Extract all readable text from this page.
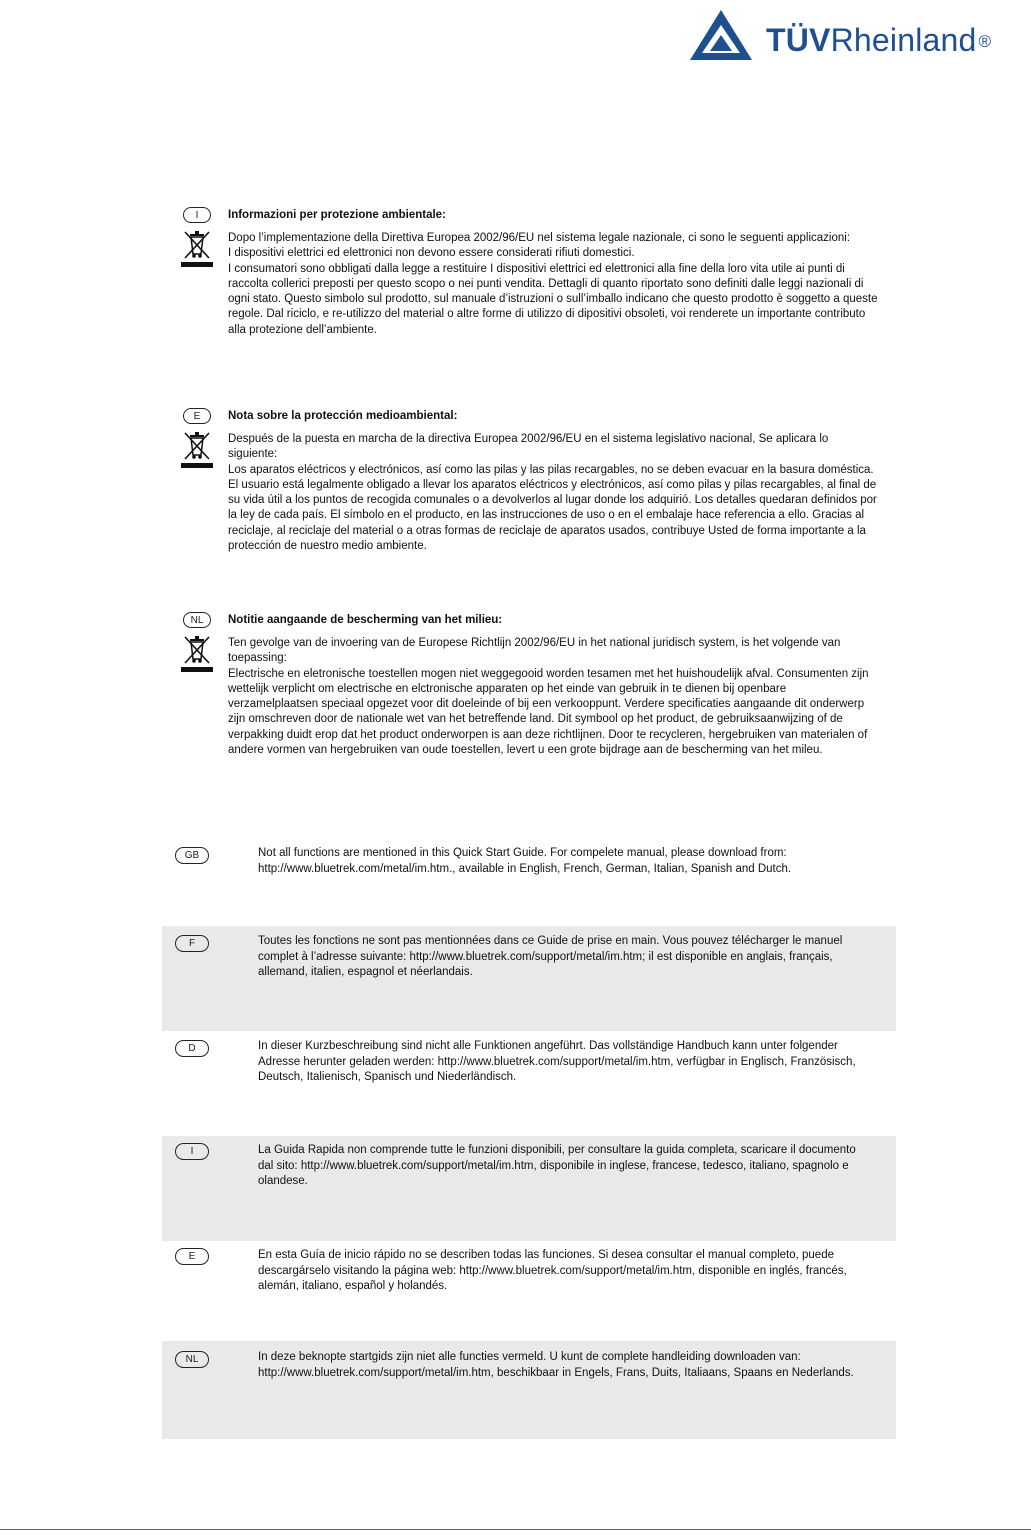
TÜVRheinland ®
I	Informazioni per protezione ambientale:

Dopo l’implementazione della Direttiva Europea 2002/96/EU nel sistema legale nazionale, ci sono le seguenti applicazioni:

I dispositivi elettrici ed elettronici non devono essere considerati rifiuti domestici.

I consumatori sono obbligati dalla legge a restituire I dispositivi elettrici ed elettronici alla fine della loro vita utile ai punti di raccolta collerici preposti per questo scopo o nei punti vendita. Dettagli di quanto riportato sono definiti dalle leggi nazionali di ogni stato. Questo simbolo sul prodotto, sul manuale d’istruzioni o sull’imballo indicano che questo prodotto è soggetto a queste regole. Dal riciclo, e re-utilizzo del material o altre forme di utilizzo di dipositivi obsoleti, voi renderete un importante contributo alla protezione dell’ambiente.

E	Nota sobre la protección medioambiental:

Después de la puesta en marcha de la directiva Europea 2002/96/EU en el sistema legislativo nacional, Se aplicara lo siguiente:

Los aparatos eléctricos y electrónicos, así como las pilas y las pilas recargables, no se deben evacuar en la basura doméstica. El usuario está legalmente obligado a llevar los aparatos eléctricos y electrónicos, así como pilas y pilas recargables, al final de su vida útil a los puntos de recogida comunales o a devolverlos al lugar donde los adquirió. Los detalles quedaran definidos por la ley de cada país. El símbolo en el producto, en las instrucciones de uso o en el embalaje hace referencia a ello. Gracias al reciclaje, al reciclaje del material o a otras formas de reciclaje de aparatos usados, contribuye Usted de forma importante a la protección de nuestro medio ambiente.

NL	Notitie aangaande de bescherming van het milieu:

Ten gevolge van de invoering van de Europese Richtlijn 2002/96/EU in het national juridisch system, is het volgende van toepassing:

Electrische en eletronische toestellen mogen niet weggegooid worden tesamen met het huishoudelijk afval. Consumenten zijn wettelijk verplicht om electrische en elctronische apparaten op het einde van gebruik in te dienen bij openbare verzamelplaatsen speciaal opgezet voor dit doeleinde of bij een verkooppunt. Verdere specificaties aangaande dit onderwerp zijn omschreven door de nationale wet van het betreffende land. Dit symbool op het product, de gebruiksaanwijzing of de verpakking duidt erop dat het product onderworpen is aan deze richtlijnen. Door te recycleren, hergebruiken van materialen of andere vormen van hergebruiken van oude toestellen, levert u een grote bijdrage aan de bescherming van het mileu.

GB	Not all functions are mentioned in this Quick Start Guide. For compelete manual, please download from: http://www.bluetrek.com/metal/im.htm., available in English, French, German, Italian, Spanish and Dutch.
F	Toutes les fonctions ne sont pas mentionnées dans ce Guide de prise en main. Vous pouvez télécharger le manuel complet à l’adresse suivante: http://www.bluetrek.com/support/metal/im.htm; il est disponible en anglais, français, allemand, italien, espagnol et néerlandais.
D	In dieser Kurzbeschreibung sind nicht alle Funktionen angeführt. Das vollständige Handbuch kann unter folgender Adresse herunter geladen werden: http://www.bluetrek.com/support/metal/im.htm, verfügbar in Englisch, Französisch, Deutsch, Italienisch, Spanisch und Niederländisch.
I	La Guida Rapida non comprende tutte le funzioni disponibili, per consultare la guida completa, scaricare il documento dal sito: http://www.bluetrek.com/support/metal/im.htm, disponibile in inglese, francese, tedesco, italiano, spagnolo e olandese.
E	En esta Guía de inicio rápido no se describen todas las funciones. Si desea consultar el manual completo, puede descargárselo visitando la página web: http://www.bluetrek.com/support/metal/im.htm, disponible en inglés, francés, alemán, italiano, español y holandés.
NL	In deze beknopte startgids zijn niet alle functies vermeld. U kunt de complete handleiding downloaden van: http://www.bluetrek.com/support/metal/im.htm, beschikbaar in Engels, Frans, Duits, Italiaans, Spaans en Nederlands.
